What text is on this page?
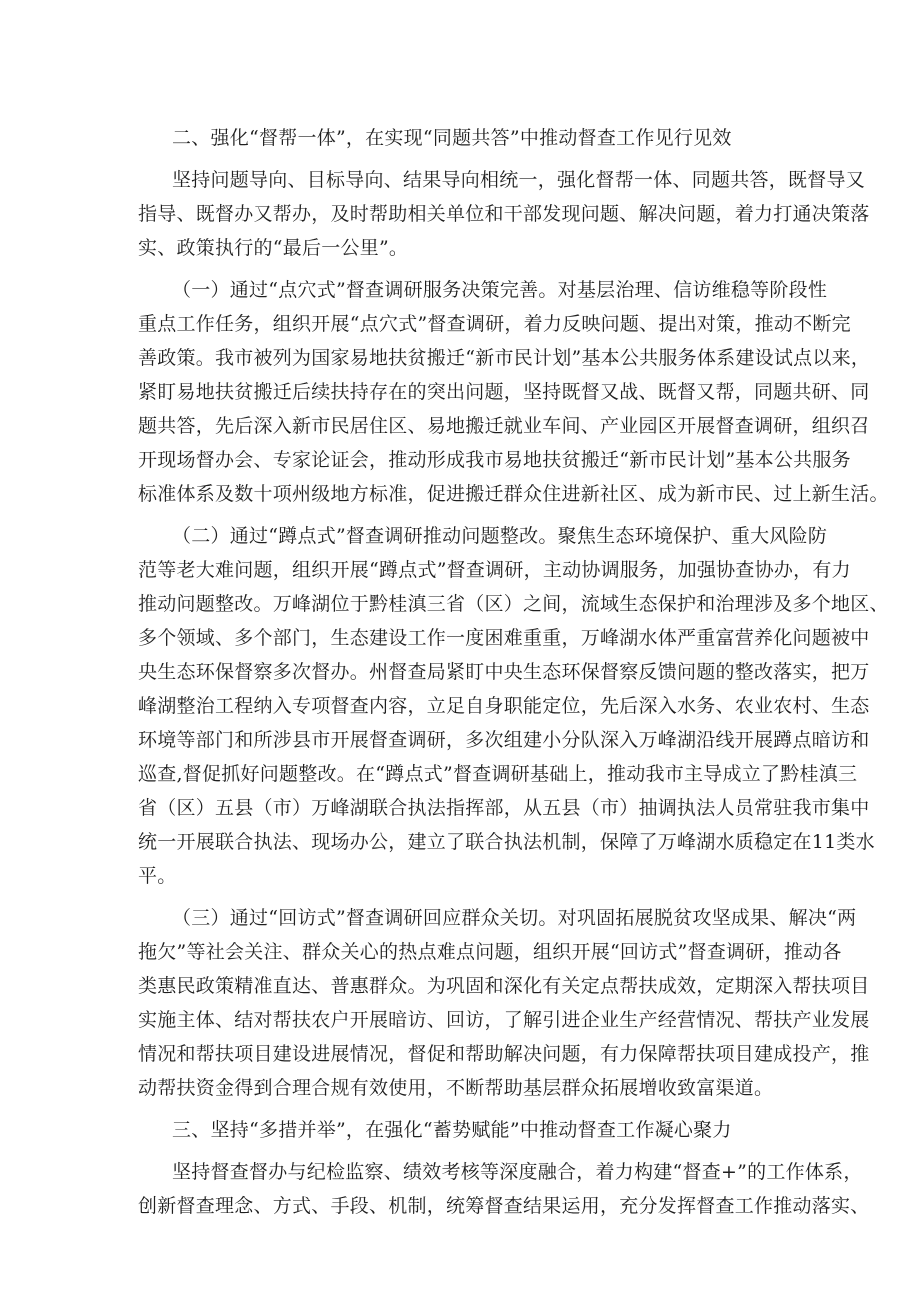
二、强化“督帮一体”，在实现“同题共答”中推动督查工作见行见效
坚持问题导向、目标导向、结果导向相统一，强化督帮一体、同题共答，既督导又
指导、既督办又帮办，及时帮助相关单位和干部发现问题、解决问题，着力打通决策落
实、政策执行的“最后一公里”。
（一）通过“点穴式”督查调研服务决策完善。对基层治理、信访维稳等阶段性
重点工作任务，组织开展“点穴式”督查调研，着力反映问题、提出对策，推动不断完
善政策。我市被列为国家易地扶贫搬迁“新市民计划”基本公共服务体系建设试点以来，
紧盯易地扶贫搬迁后续扶持存在的突出问题，坚持既督又战、既督又帮，同题共研、同
题共答，先后深入新市民居住区、易地搬迁就业车间、产业园区开展督查调研，组织召
开现场督办会、专家论证会，推动形成我市易地扶贫搬迁“新市民计划”基本公共服务
标准体系及数十项州级地方标准，促进搬迁群众住进新社区、成为新市民、过上新生活。
（二）通过“蹲点式”督查调研推动问题整改。聚焦生态环境保护、重大风险防
范等老大难问题，组织开展“蹲点式”督查调研，主动协调服务，加强协查协办，有力
推动问题整改。万峰湖位于黔桂滇三省（区）之间，流域生态保护和治理涉及多个地区、
多个领域、多个部门，生态建设工作一度困难重重，万峰湖水体严重富营养化问题被中
央生态环保督察多次督办。州督查局紧盯中央生态环保督察反馈问题的整改落实，把万
峰湖整治工程纳入专项督查内容，立足自身职能定位，先后深入水务、农业农村、生态
环境等部门和所涉县市开展督查调研，多次组建小分队深入万峰湖沿线开展蹲点暗访和
巡查,督促抓好问题整改。在“蹲点式”督查调研基础上，推动我市主导成立了黔桂滇三
省（区）五县（市）万峰湖联合执法指挥部，从五县（市）抽调执法人员常驻我市集中
统一开展联合执法、现场办公，建立了联合执法机制，保障了万峰湖水质稳定在11类水
平。
（三）通过“回访式”督查调研回应群众关切。对巩固拓展脱贫攻坚成果、解决“两
拖欠”等社会关注、群众关心的热点难点问题，组织开展“回访式”督查调研，推动各
类惠民政策精准直达、普惠群众。为巩固和深化有关定点帮扶成效，定期深入帮扶项目
实施主体、结对帮扶农户开展暗访、回访，了解引进企业生产经营情况、帮扶产业发展
情况和帮扶项目建设进展情况，督促和帮助解决问题，有力保障帮扶项目建成投产，推
动帮扶资金得到合理合规有效使用，不断帮助基层群众拓展增收致富渠道。
三、坚持“多措并举”，在强化“蓄势赋能”中推动督查工作凝心聚力
坚持督查督办与纪检监察、绩效考核等深度融合，着力构建“督查+”的工作体系，
创新督查理念、方式、手段、机制，统筹督查结果运用，充分发挥督查工作推动落实、
